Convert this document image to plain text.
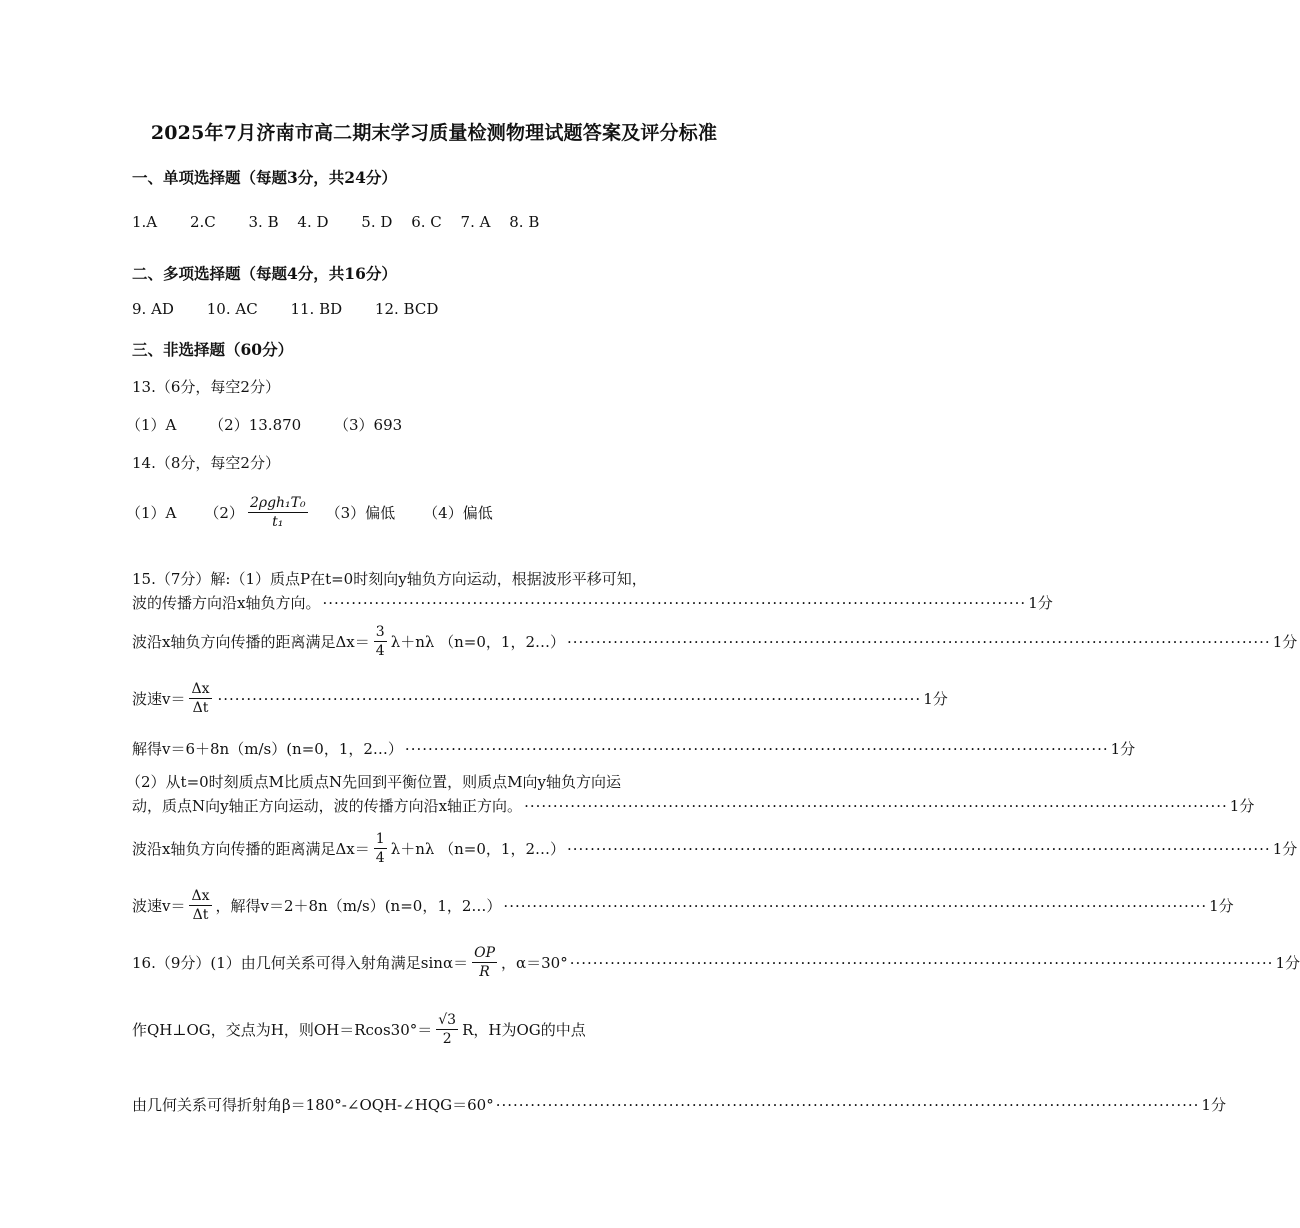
2025年7月济南市高二期末学习质量检测物理试题答案及评分标准
一、单项选择题（每题3分，共24分）
1.A 2.C 3. B 4. D 5. D 6. C 7. A 8. B
二、多项选择题（每题4分，共16分）
9. AD 10. AC 11. BD 12. BCD
三、非选择题（60分）
13.（6分，每空2分）
（1）A （2）13.870 （3）693
14.（8分，每空2分）
（1）A $(2) \frac{\text{2ρgh₁T₀}}{\text{t₁}} (3)$偏低 （4）偏低
15.（7分）解:（1）质点P在t=0时刻向y轴负方向运动，根据波形平移可知，
波的传播方向沿x轴负方向。 ·························································································································· 1分
波沿x轴负方向传播的距离满足$\Delta x= \frac{3}{4} \lambda+n\lambda$ （n=0，1，2…） ·························································································································· 1分
波速$v= \frac{\Delta x}{\Delta t}$ ·························································································································· 1分
解得v＝6＋8n（m/s）(n=0，1，2…） ·························································································································· 1分
（2）从t=0时刻质点M比质点N先回到平衡位置，则质点M向y轴负方向运
动，质点N向y轴正方向运动，波的传播方向沿x轴正方向。 ·························································································································· 1分
波沿x轴负方向传播的距离满足$\Delta x= \frac{1}{4} \lambda+n\lambda$ （n=0，1，2…） ·························································································································· 1分
波速$v= \frac{\Delta x}{\Delta t}$ ，解得v＝2＋8n（m/s）(n=0，1，2…） ·························································································································· 1分
16.（9分）(1）由几何关系可得入射角满足$\sin\alpha= \frac{OP}{R}$ ，α＝30° ·························································································································· 1分
作QH⊥OG，交点为H，则$OH=Rcos30^\circ= \frac{√3}{2}$ R，H为OG的中点
由几何关系可得折射角β＝180°-∠OQH-∠HQG＝60° ·························································································································· 1分
